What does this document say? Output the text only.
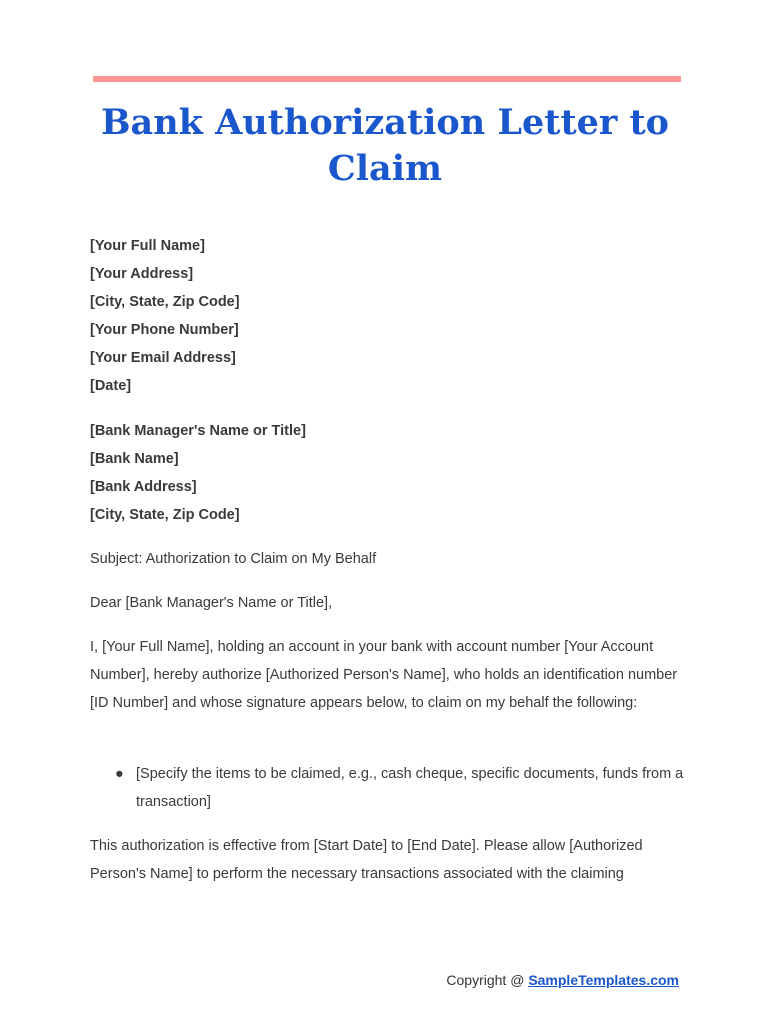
Bank Authorization Letter to Claim
[Your Full Name]
[Your Address]
[City, State, Zip Code]
[Your Phone Number]
[Your Email Address]
[Date]
[Bank Manager's Name or Title]
[Bank Name]
[Bank Address]
[City, State, Zip Code]

Subject: Authorization to Claim on My Behalf

Dear [Bank Manager's Name or Title],

I, [Your Full Name], holding an account in your bank with account number [Your Account Number], hereby authorize [Authorized Person's Name], who holds an identification number [ID Number] and whose signature appears below, to claim on my behalf the following:

● [Specify the items to be claimed, e.g., cash cheque, specific documents, funds from a transaction]

This authorization is effective from [Start Date] to [End Date]. Please allow [Authorized Person's Name] to perform the necessary transactions associated with the claiming

Copyright @ SampleTemplates.com
